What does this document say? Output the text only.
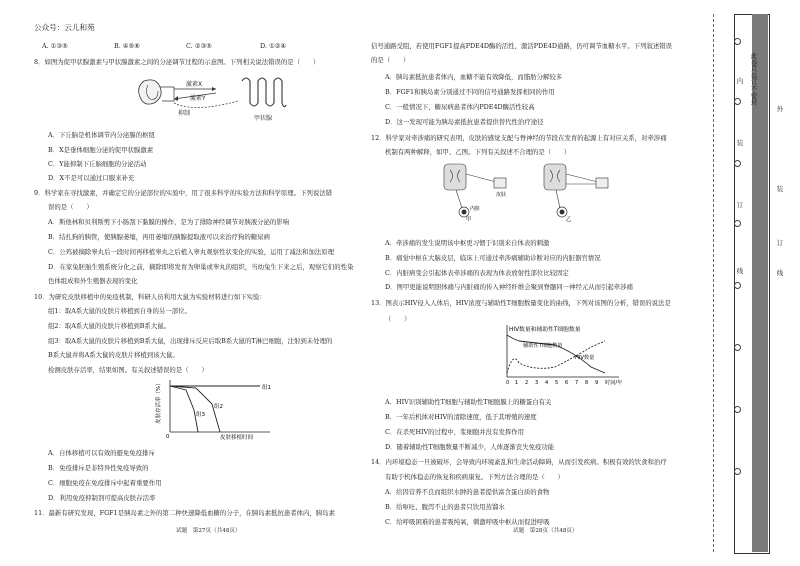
公众号：云儿和苑
A. ①③⑤	B. ④⑤⑥	C. ②③⑤	D. ①②④
8．如图为促甲状腺激素与甲状腺激素之间的分泌调节过程的示意图。下列相关说法错误的是（　　）
激素X
激素Y
抑制
甲状腺
A．下丘脑是机体调节内分泌腺的枢纽
B．X是垂体细胞分泌的促甲状腺激素
C．Y能抑制下丘脑细胞的分泌活动
D．X不是可以通过口服来补充
9．科学家在寻找激素，并确定它的分泌部位的实验中，用了很多科学的实验方法和科学原理。下列说法错
误的是（　　）
A．斯他林和贝利斯剪下小肠刮下黏膜的操作，是为了排除神经调节对胰液分泌的影响
B．结扎狗的胰管，使胰腺萎缩，再用萎缩的胰腺提取液可以来治疗狗的糖尿病
C．公鸡被摘除睾丸后一段时间再移植睾丸之后植入睾丸观察性状变化的实验，运用了减法和加法原理
D．在家兔胚胎生殖系统分化之前，摘除即将发育为卵巢或睾丸的组织，当幼兔生下来之后，观察它们的性染
色体组成和外生殖器表现的变化
10．为研究皮肤移植中的免疫机制，科研人员利用大鼠为实验材料进行如下实验：
组1：取A系大鼠的皮肤片移植到自身的另一部位。
组2：取A系大鼠的皮肤片移植到B系大鼠。
组3：取A系大鼠的皮肤片移植到B系大鼠，出现排斥反应后取B系大鼠的T淋巴细胞，注射到未处理的
B系大鼠并将A系大鼠的皮肤片移植到该大鼠。
检测皮肤存活率，结果如图。有关叙述错误的是（　　）
0
组1
组2
组3
皮肤移植时间
皮肤存活率（%）
A．自体移植可以有效的避免免疫排斥
B．免疫排斥是非特异性免疫导致的
C．细胞免疫在免疫排斥中起着重要作用
D．利用免疫抑制剂可提高皮肤存活率
11．最新有研究发现，FGF1是胰岛素之外的第二种快速降低血糖的分子，在胰岛素抵抗患者体内，胰岛素
试题　第27页（共48页）
信号通路受阻，若使用FGF1提高PDE4D酶的活性，激活PDE4D通路，仍可调节血糖水平。下列叙述错误
的是（　　）
A．胰岛素抵抗患者体内，血糖不能有效降低，而脂肪分解较多
B．FGF1和胰岛素分别通过不同的信号通路发挥相同的作用
C．一般情况下，糖尿病患者体内PDE4D酶活性较高
D．这一发现可能为胰岛素抵抗患者提供替代性治疗途径
12．科学家对牵涉痛的研究表明，皮肤的感觉支配与脊神经的节段在发育的起源上有对应关系，对牵涉痛
机制有两种解释，如甲、乙图。下列有关叙述不合理的是（　　）
内脏
皮肤
甲	乙
A．牵涉痛的发生说明该中枢更习惯于识别来自体表的刺激
B．痛觉中枢在大脑皮层，临床上可通过牵涉痛辅助诊断对应的内脏器官情况
C．内脏病变会引起体表牵涉痛的表现为体表放射性部位比较固定
D．图甲更能说明胆体痛与内脏痛的传入神经纤维会聚到脊髓同一神经元从而引起牵涉痛
13．图表示HIV侵入人体后，HIV浓度与辅助性T细胞数量变化的曲线，下列对该图的分析，错误的说法是
（　　）
HIV数量和辅助性T细胞数量
辅助性T细胞数量
HIV数量
0 1 2 3 4 5 6 7 8 9 时间/年
A．HIV识别辅助性T细胞与辅助性T细胞膜上的糖蛋白有关
B．一年后机体对HIV的清除速度，低于其增殖的速度
C．在杀死HIV的过程中，浆细胞并没有发挥作用
D．随着辅助性T细胞数量不断减少，人体逐渐丧失免疫功能
14．内环境稳态一旦被破坏，会导致内环境紊乱和生命活动障碍，从而引发疾病。积极有效的饮食和治疗
有助于机体稳态的恢复和疾病康复。下列方法合理的是（　　）
A．给因营养不良而组织水肿的患者提供富含蛋白质的食物
B．给呕吐、腹泻不止的患者只饮用蒸馏水
C．给呼吸困难的患者吸纯氧，刺激呼吸中枢从而促进呼吸
试题　第28页（共48页）
此卷只装订不密封
内
装
订
线
外
装
订
线
